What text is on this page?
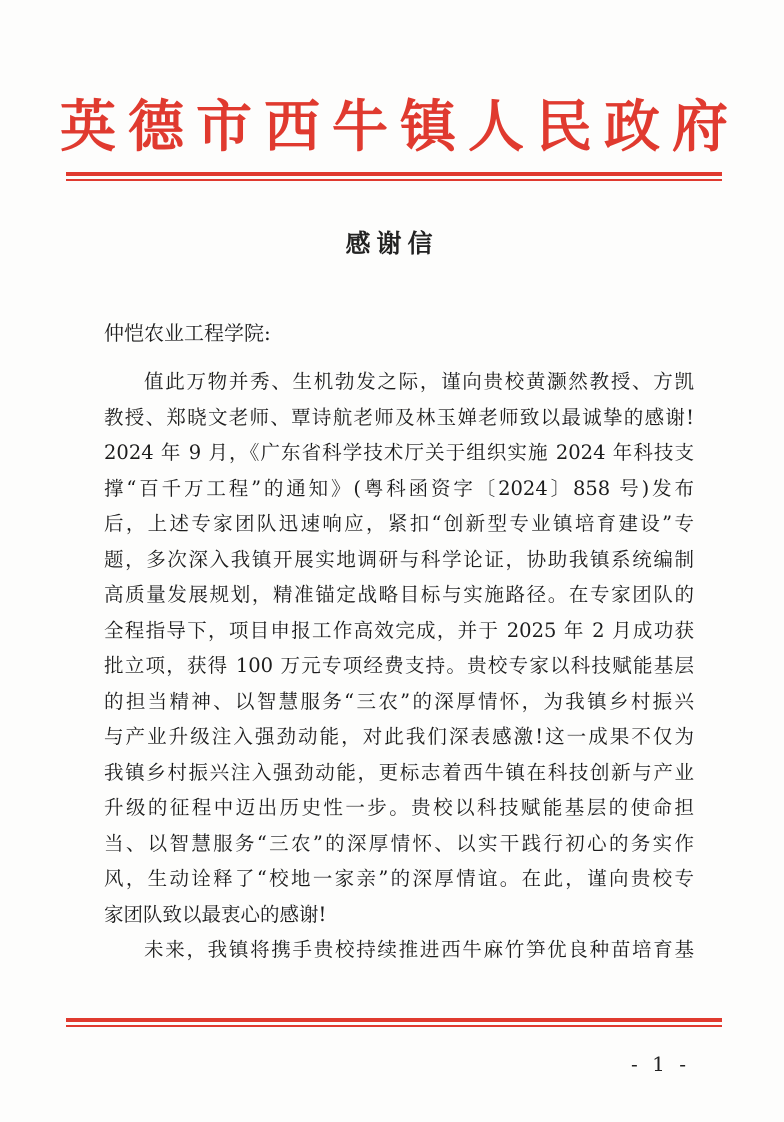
英德市西牛镇人民政府
感谢信
仲恺农业工程学院:
值此万物并秀、生机勃发之际，谨向贵校黄灏然教授、方凯
教授、郑晓文老师、覃诗航老师及林玉婵老师致以最诚挚的感谢!
2024 年 9 月，《广东省科学技术厅关于组织实施 2024 年科技支
撑“百千万工程”的通知》(粤科函资字〔2024〕858 号)发布
后，上述专家团队迅速响应，紧扣“创新型专业镇培育建设”专
题，多次深入我镇开展实地调研与科学论证，协助我镇系统编制
高质量发展规划，精准锚定战略目标与实施路径。在专家团队的
全程指导下，项目申报工作高效完成，并于 2025 年 2 月成功获
批立项，获得 100 万元专项经费支持。贵校专家以科技赋能基层
的担当精神、以智慧服务“三农”的深厚情怀，为我镇乡村振兴
与产业升级注入强劲动能，对此我们深表感激!这一成果不仅为
我镇乡村振兴注入强劲动能，更标志着西牛镇在科技创新与产业
升级的征程中迈出历史性一步。贵校以科技赋能基层的使命担
当、以智慧服务“三农”的深厚情怀、以实干践行初心的务实作
风，生动诠释了“校地一家亲”的深厚情谊。在此，谨向贵校专
家团队致以最衷心的感谢!
未来，我镇将携手贵校持续推进西牛麻竹笋优良种苗培育基
- 1 -
